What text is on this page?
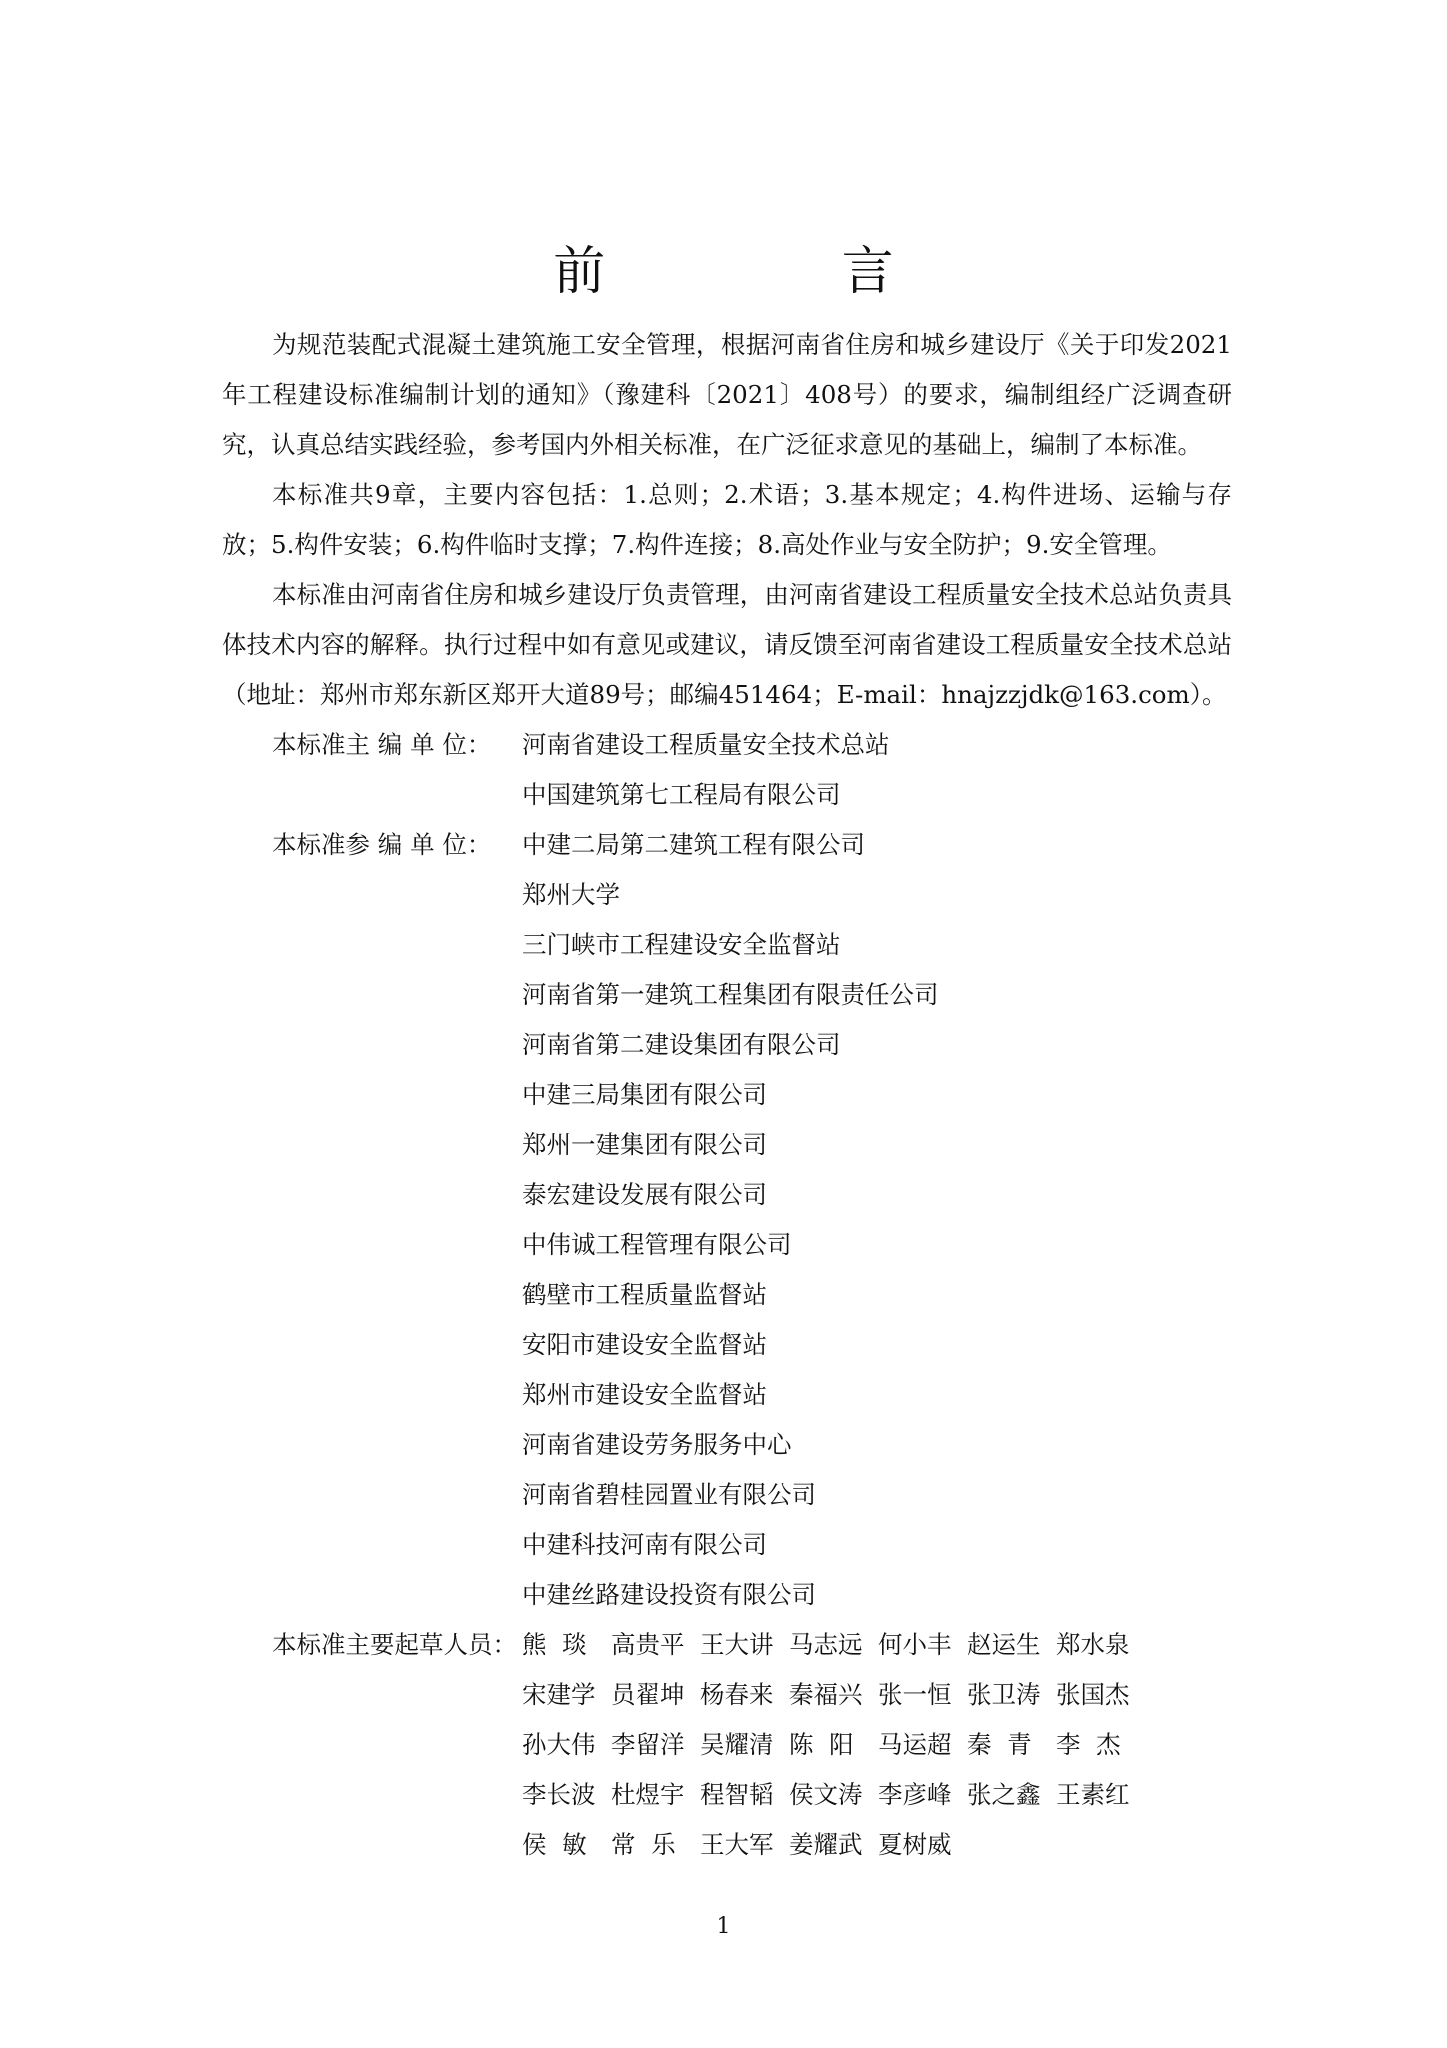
前 言

为规范装配式混凝土建筑施工安全管理，根据河南省住房和城乡建设厅《关于印发2021年工程建设标准编制计划的通知》（豫建科〔2021〕408号）的要求，编制组经广泛调查研究，认真总结实践经验，参考国内外相关标准，在广泛征求意见的基础上，编制了本标准。

本标准共9章，主要内容包括：1.总则；2.术语；3.基本规定；4.构件进场、运输与存放；5.构件安装；6.构件临时支撑；7.构件连接；8.高处作业与安全防护；9.安全管理。

本标准由河南省住房和城乡建设厅负责管理，由河南省建设工程质量安全技术总站负责具体技术内容的解释。执行过程中如有意见或建议，请反馈至河南省建设工程质量安全技术总站（地址：郑州市郑东新区郑开大道89号；邮编451464；E-mail：hnajzzjdk@163.com）。

本标准主 编 单 位： 河南省建设工程质量安全技术总站
中国建筑第七工程局有限公司
本标准参 编 单 位： 中建二局第二建筑工程有限公司
郑州大学
三门峡市工程建设安全监督站
河南省第一建筑工程集团有限责任公司
河南省第二建设集团有限公司
中建三局集团有限公司
郑州一建集团有限公司
泰宏建设发展有限公司
中伟诚工程管理有限公司
鹤壁市工程质量监督站
安阳市建设安全监督站
郑州市建设安全监督站
河南省建设劳务服务中心
河南省碧桂园置业有限公司
中建科技河南有限公司
中建丝路建设投资有限公司
本标准主要起草人员： 熊  琰 高贵平 王大讲 马志远 何小丰 赵运生 郑水泉
宋建学 员翟坤 杨春来 秦福兴 张一恒 张卫涛 张国杰
孙大伟 李留洋 吴耀清 陈  阳 马运超 秦  青 李  杰
李长波 杜煜宇 程智韬 侯文涛 李彦峰 张之鑫 王素红
侯  敏 常  乐 王大军 姜耀武 夏树威
1
